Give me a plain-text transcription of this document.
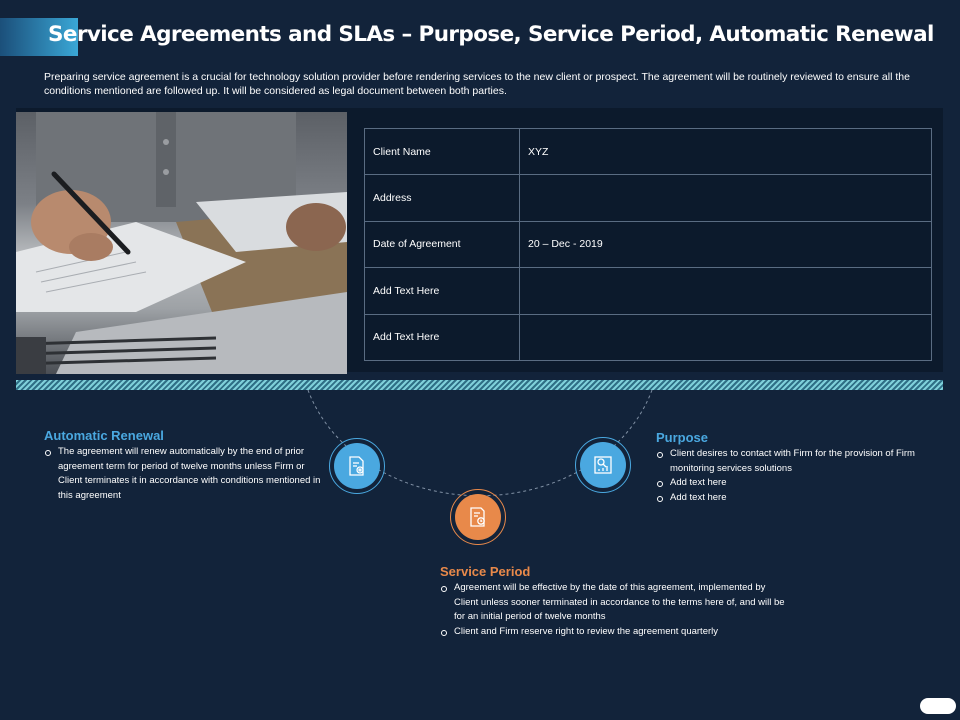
Service Agreements and SLAs – Purpose, Service Period, Automatic Renewal

Preparing service agreement is a crucial for technology solution provider before rendering services to the new client or prospect. The agreement will be routinely reviewed to ensure all the conditions mentioned are followed up. It will be considered as legal document between both parties.

Client Name	XYZ
Address	
Date of Agreement	20 – Dec - 2019
Add Text Here	
Add Text Here	
Automatic Renewal
The agreement will renew automatically by the end of prior agreement term for period of twelve months unless Firm or Client terminates it in accordance with conditions mentioned in this agreement
Purpose
Client desires to contact with Firm for the provision of Firm monitoring services solutions
Add text here
Add text here
Service Period
Agreement will be effective by the date of this agreement, implemented by Client unless sooner terminated in accordance to the terms here of, and will be for an initial period of twelve months
Client and Firm reserve right to review the agreement quarterly
